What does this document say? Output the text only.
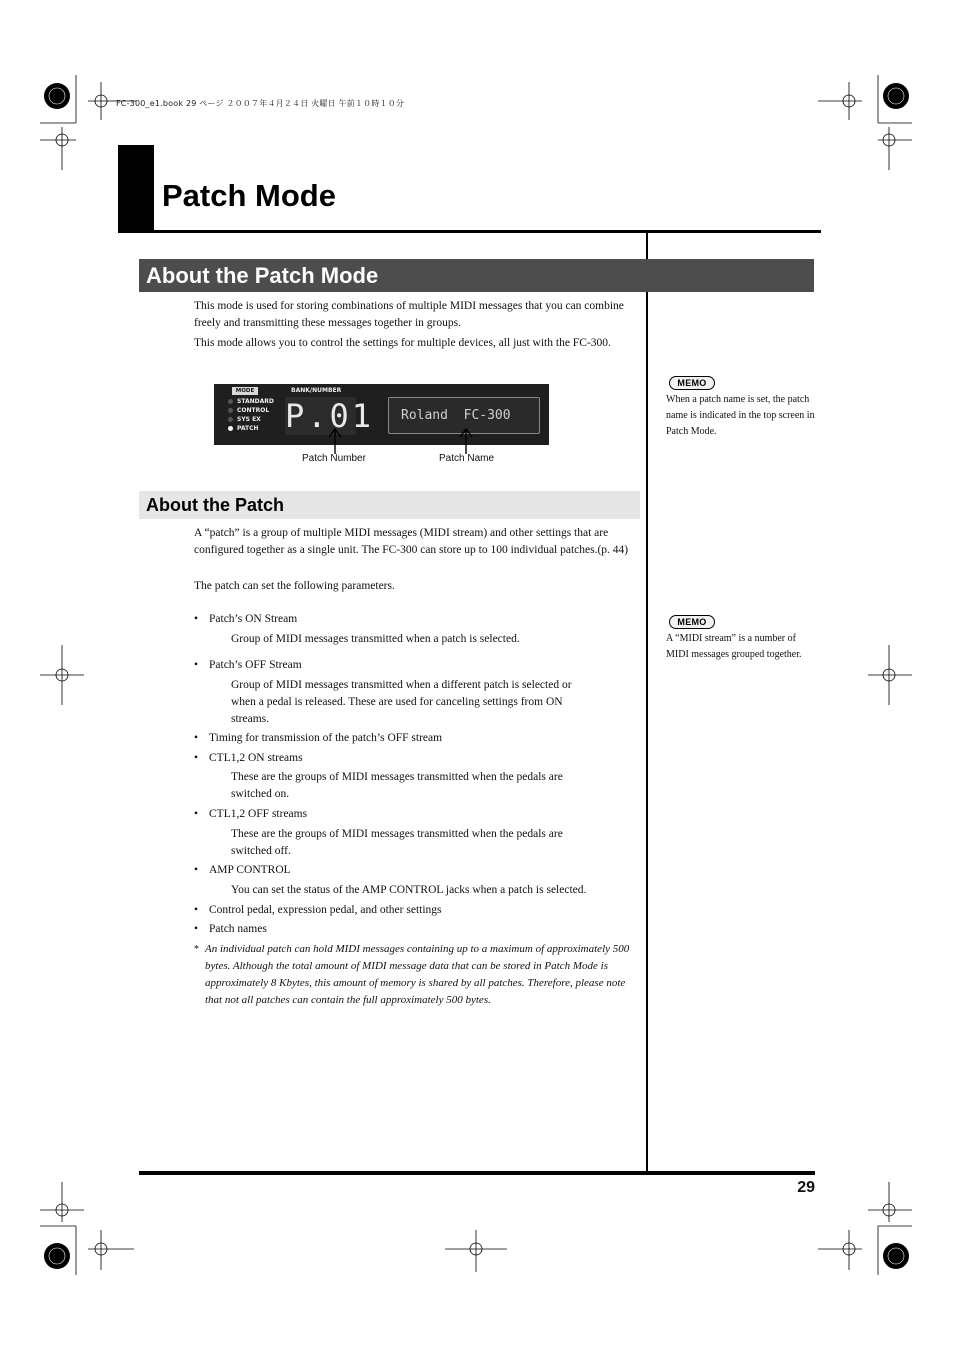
FC-300_e1.book 29 ページ ２００７年４月２４日 火曜日 午前１０時１０分
Patch Mode
About the Patch Mode
This mode is used for storing combinations of multiple MIDI messages that you can combine freely and transmitting these messages together in groups.
This mode allows you to control the settings for multiple devices, all just with the FC-300.
MODE	BANK/NUMBER
STANDARD
CONTROL
SYS EX
PATCH P.01	Roland  FC-300
Patch Number	Patch Name
About the Patch
A “patch” is a group of multiple MIDI messages (MIDI stream) and other settings that are configured together as a single unit. The FC-300 can store up to 100 individual patches.(p. 44)
The patch can set the following parameters.
• Patch’s ON Stream
Group of MIDI messages transmitted when a patch is selected.
• Patch’s OFF Stream
Group of MIDI messages transmitted when a different patch is selected or
when a pedal is released. These are used for canceling settings from ON
streams.
• Timing for transmission of the patch’s OFF stream
• CTL1,2 ON streams
These are the groups of MIDI messages transmitted when the pedals are
switched on.
• CTL1,2 OFF streams
These are the groups of MIDI messages transmitted when the pedals are
switched off.
• AMP CONTROL
You can set the status of the AMP CONTROL jacks when a patch is selected.
• Control pedal, expression pedal, and other settings
• Patch names
* An individual patch can hold MIDI messages containing up to a maximum of approximately 500 bytes. Although the total amount of MIDI message data that can be stored in Patch Mode is approximately 8 Kbytes, this amount of memory is shared by all patches. Therefore, please note that not all patches can contain the full approximately 500 bytes.
MEMO
When a patch name is set, the patch name is indicated in the top screen in Patch Mode.
MEMO
A “MIDI stream” is a number of MIDI messages grouped together.
29
